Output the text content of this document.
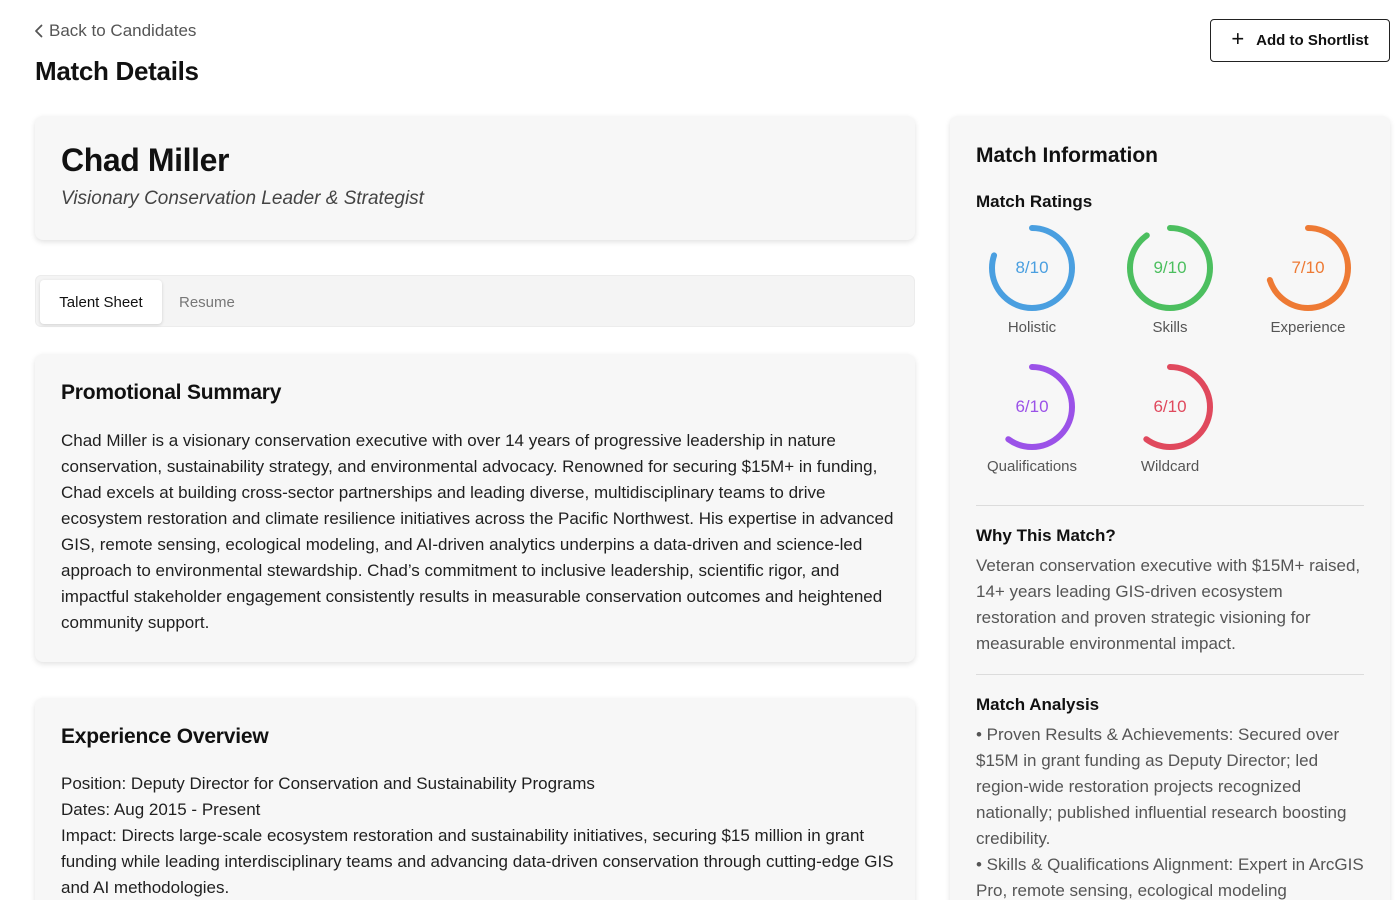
Back to Candidates
Match Details
+ Add to Shortlist
Chad Miller
Visionary Conservation Leader & Strategist
Talent Sheet	Resume
Promotional Summary
Chad Miller is a visionary conservation executive with over 14 years of progressive leadership in nature conservation, sustainability strategy, and environmental advocacy. Renowned for securing $15M+ in funding, Chad excels at building cross-sector partnerships and leading diverse, multidisciplinary teams to drive ecosystem restoration and climate resilience initiatives across the Pacific Northwest. His expertise in advanced GIS, remote sensing, ecological modeling, and AI-driven analytics underpins a data-driven and science-led approach to environmental stewardship. Chad’s commitment to inclusive leadership, scientific rigor, and impactful stakeholder engagement consistently results in measurable conservation outcomes and heightened community support.
Experience Overview
Position: Deputy Director for Conservation and Sustainability Programs
Dates: Aug 2015 - Present
Impact: Directs large-scale ecosystem restoration and sustainability initiatives, securing $15 million in grant funding while leading interdisciplinary teams and advancing data-driven conservation through cutting-edge GIS and AI methodologies.
Match Information
Match Ratings
8/10
Holistic
9/10
Skills
7/10
Experience
6/10
Qualifications
6/10
Wildcard
Why This Match?
Veteran conservation executive with $15M+ raised, 14+ years leading GIS-driven ecosystem restoration and proven strategic visioning for measurable environmental impact.
Match Analysis
• Proven Results & Achievements: Secured over $15M in grant funding as Deputy Director; led region-wide restoration projects recognized nationally; published influential research boosting credibility.
• Skills & Qualifications Alignment: Expert in ArcGIS Pro, remote sensing, ecological modeling
